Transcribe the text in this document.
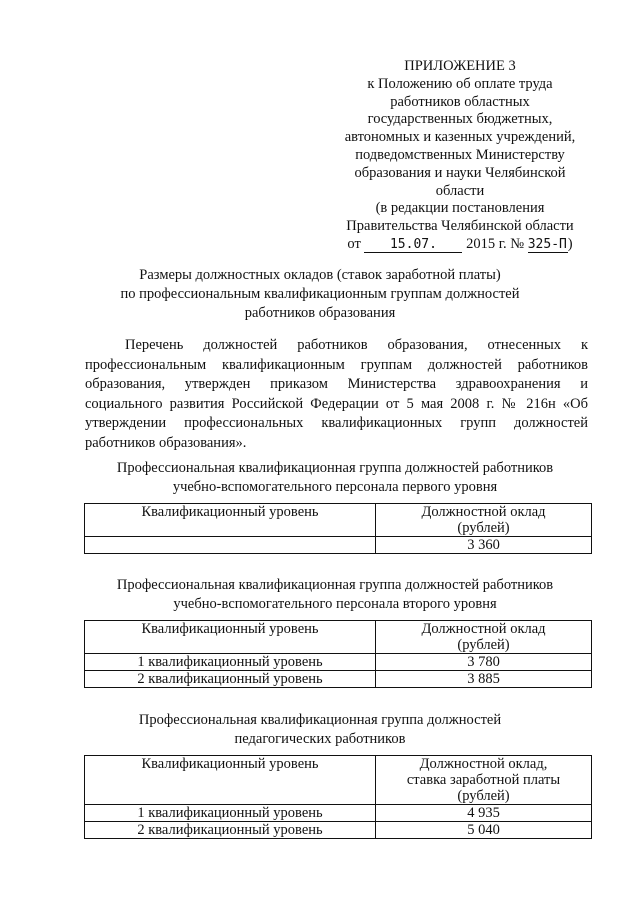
ПРИЛОЖЕНИЕ 3
к Положению об оплате труда
работников областных
государственных бюджетных,
автономных и казенных учреждений,
подведомственных Министерству
образования и науки Челябинской
области
(в редакции постановления
Правительства Челябинской области
от 15.07. 2015 г. № 325-П)
Размеры должностных окладов (ставок заработной платы)
по профессиональным квалификационным группам должностей
работников образования
Перечень должностей работников образования, отнесенных к
профессиональным квалификационным группам должностей работников
образования, утвержден приказом Министерства здравоохранения и
социального развития Российской Федерации от 5 мая 2008 г. № 216н «Об
утверждении профессиональных квалификационных групп должностей
работников образования».
Профессиональная квалификационная группа должностей работников
учебно-вспомогательного персонала первого уровня
Квалификационный уровень	Должностной оклад
(рублей)

	3 360
Профессиональная квалификационная группа должностей работников
учебно-вспомогательного персонала второго уровня
Квалификационный уровень	Должностной оклад
(рублей)

1 квалификационный уровень	3 780
2 квалификационный уровень	3 885
Профессиональная квалификационная группа должностей
педагогических работников
Квалификационный уровень	Должностной оклад,
ставка заработной платы
(рублей)

1 квалификационный уровень	4 935
2 квалификационный уровень	5 040
